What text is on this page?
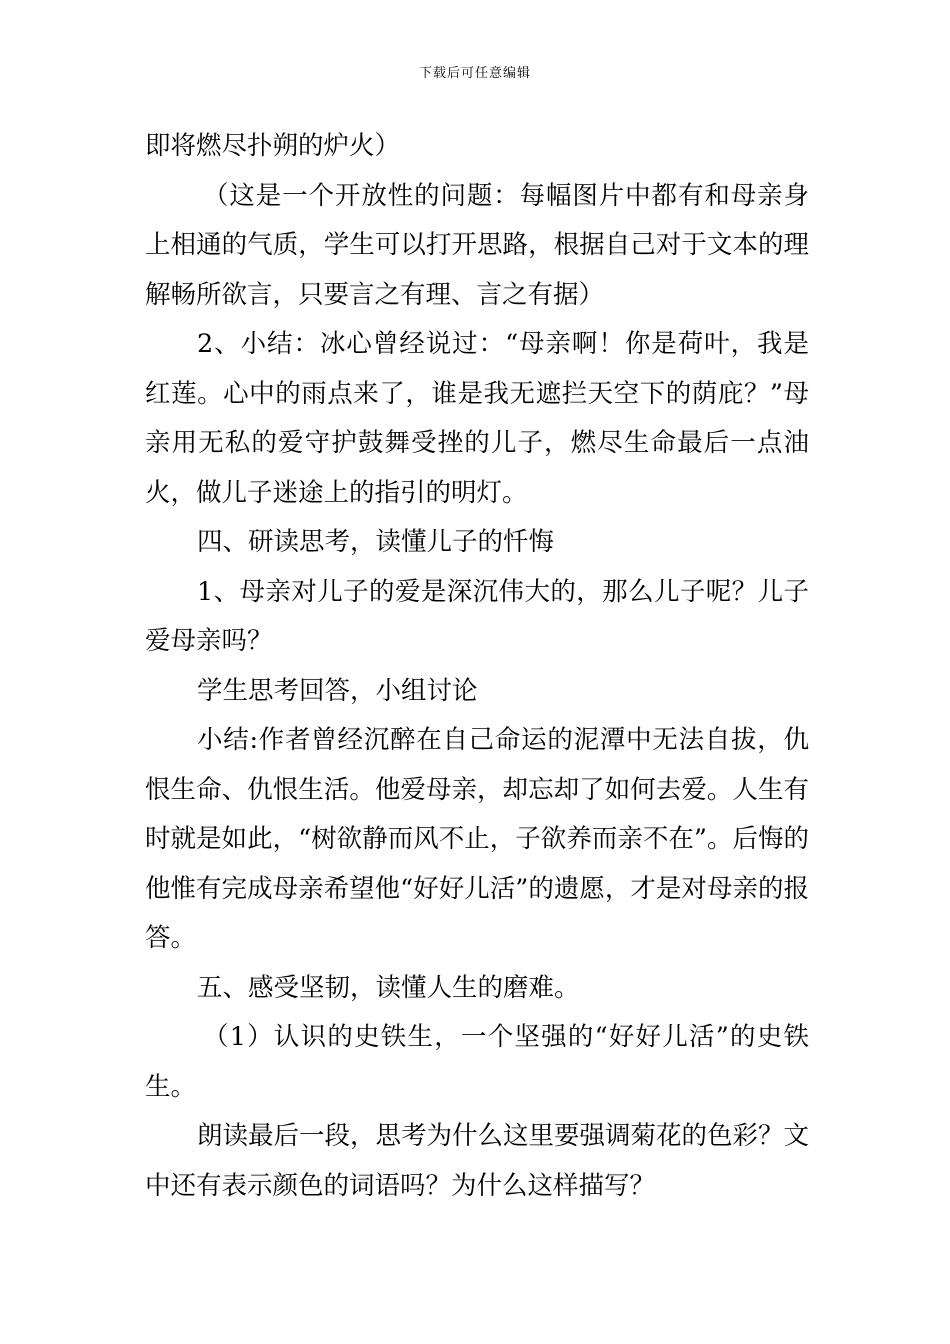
下载后可任意编辑

即将燃尽扑朔的炉火）

（这是一个开放性的问题：每幅图片中都有和母亲身上相通的气质，学生可以打开思路，根据自己对于文本的理解畅所欲言，只要言之有理、言之有据）

2、小结：冰心曾经说过：“母亲啊！你是荷叶，我是红莲。心中的雨点来了，谁是我无遮拦天空下的荫庇？”母亲用无私的爱守护鼓舞受挫的儿子，燃尽生命最后一点油火，做儿子迷途上的指引的明灯。

四、研读思考，读懂儿子的忏悔

1、母亲对儿子的爱是深沉伟大的，那么儿子呢？儿子爱母亲吗？

学生思考回答，小组讨论

小结:作者曾经沉醉在自己命运的泥潭中无法自拔，仇恨生命、仇恨生活。他爱母亲，却忘却了如何去爱。人生有时就是如此，“树欲静而风不止，子欲养而亲不在”。后悔的他惟有完成母亲希望他“好好儿活”的遗愿，才是对母亲的报答。

五、感受坚韧，读懂人生的磨难。

（1）认识的史铁生，一个坚强的“好好儿活”的史铁生。

朗读最后一段，思考为什么这里要强调菊花的色彩？文中还有表示颜色的词语吗？为什么这样描写？
